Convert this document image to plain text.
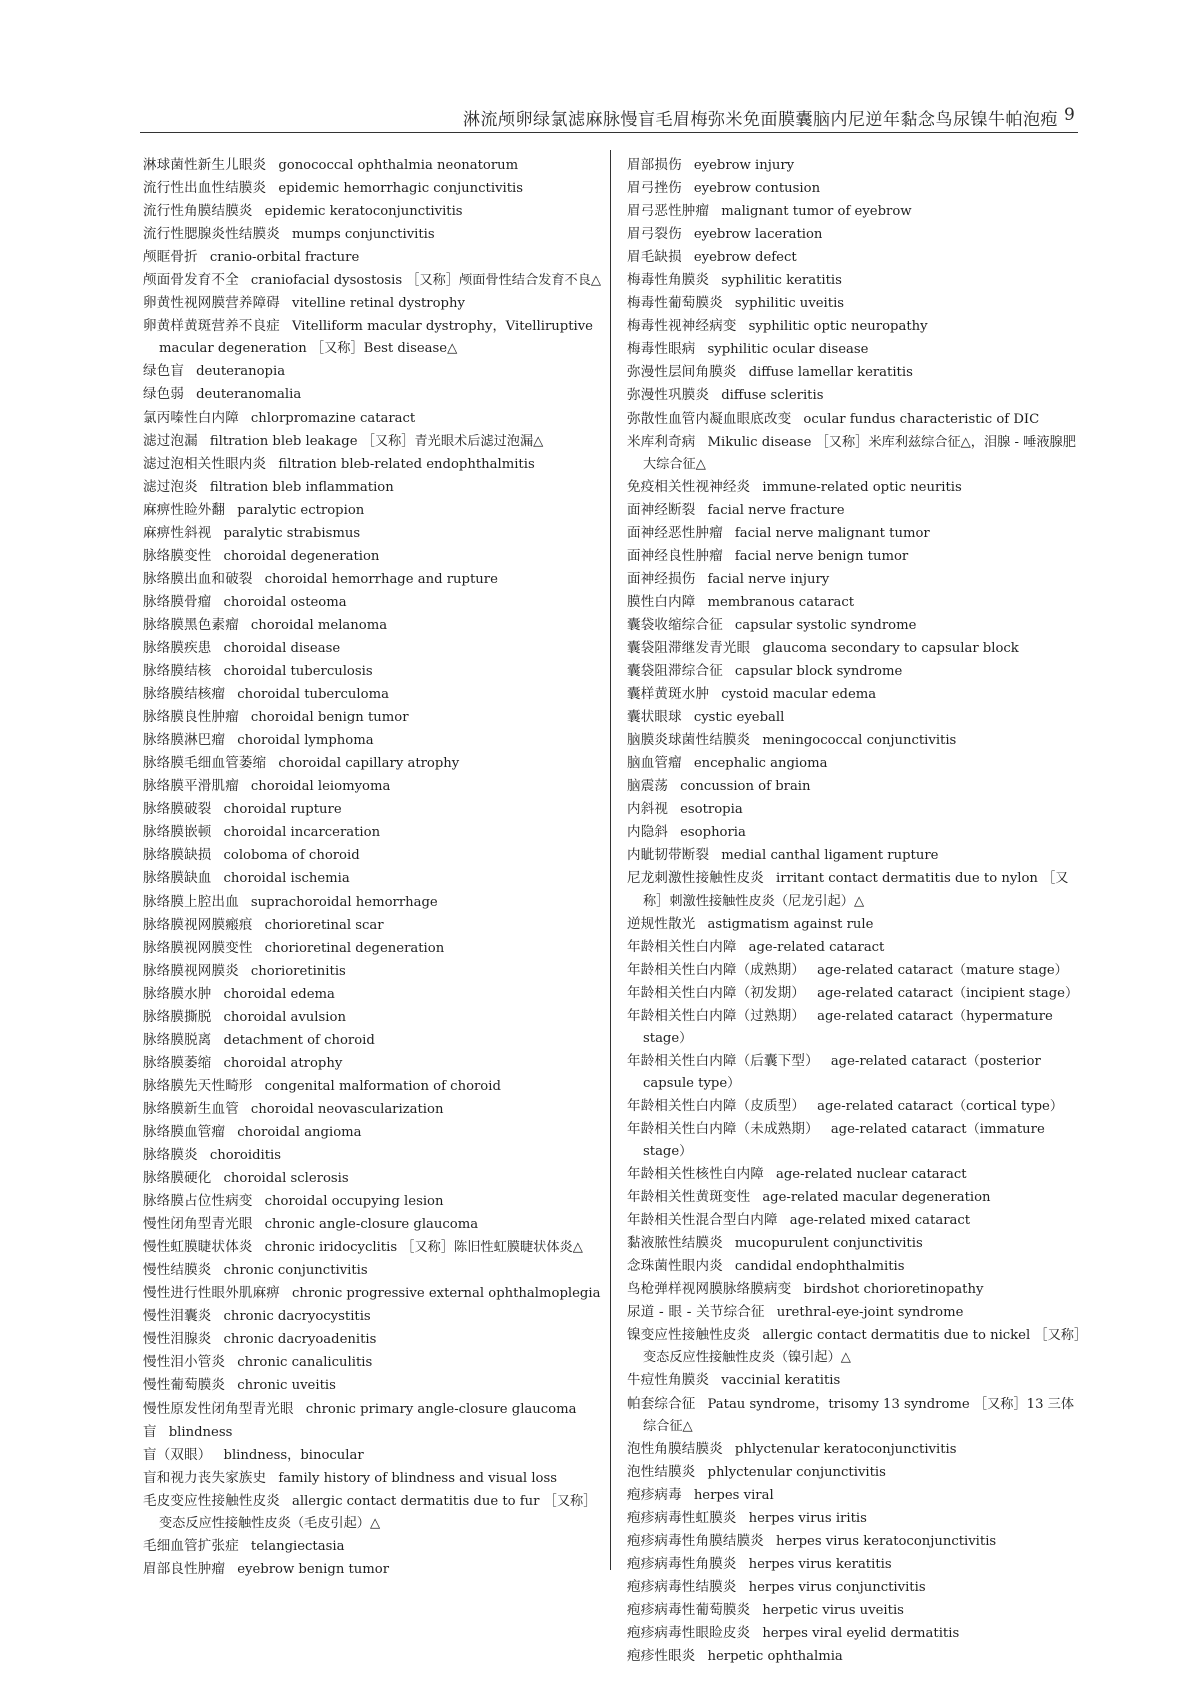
淋流颅卵绿氯滤麻脉慢盲毛眉梅弥米免面膜囊脑内尼逆年黏念鸟尿镍牛帕泡疱 9
淋球菌性新生儿眼炎 gonococcal ophthalmia neonatorum
流行性出血性结膜炎 epidemic hemorrhagic conjunctivitis
流行性角膜结膜炎 epidemic keratoconjunctivitis
流行性腮腺炎性结膜炎 mumps conjunctivitis
颅眶骨折 cranio-orbital fracture
颅面骨发育不全 craniofacial dysostosis ［又称］颅面骨性结合发育不良△
卵黄性视网膜营养障碍 vitelline retinal dystrophy
卵黄样黄斑营养不良症 Vitelliform macular dystrophy，Vitelliruptive macular degeneration ［又称］Best disease△
绿色盲 deuteranopia
绿色弱 deuteranomalia
氯丙嗪性白内障 chlorpromazine cataract
滤过泡漏 filtration bleb leakage ［又称］青光眼术后滤过泡漏△
滤过泡相关性眼内炎 filtration bleb-related endophthalmitis
滤过泡炎 filtration bleb inflammation
麻痹性睑外翻 paralytic ectropion
麻痹性斜视 paralytic strabismus
脉络膜变性 choroidal degeneration
脉络膜出血和破裂 choroidal hemorrhage and rupture
脉络膜骨瘤 choroidal osteoma
脉络膜黑色素瘤 choroidal melanoma
脉络膜疾患 choroidal disease
脉络膜结核 choroidal tuberculosis
脉络膜结核瘤 choroidal tuberculoma
脉络膜良性肿瘤 choroidal benign tumor
脉络膜淋巴瘤 choroidal lymphoma
脉络膜毛细血管萎缩 choroidal capillary atrophy
脉络膜平滑肌瘤 choroidal leiomyoma
脉络膜破裂 choroidal rupture
脉络膜嵌顿 choroidal incarceration
脉络膜缺损 coloboma of choroid
脉络膜缺血 choroidal ischemia
脉络膜上腔出血 suprachoroidal hemorrhage
脉络膜视网膜瘢痕 chorioretinal scar
脉络膜视网膜变性 chorioretinal degeneration
脉络膜视网膜炎 chorioretinitis
脉络膜水肿 choroidal edema
脉络膜撕脱 choroidal avulsion
脉络膜脱离 detachment of choroid
脉络膜萎缩 choroidal atrophy
脉络膜先天性畸形 congenital malformation of choroid
脉络膜新生血管 choroidal neovascularization
脉络膜血管瘤 choroidal angioma
脉络膜炎 choroiditis
脉络膜硬化 choroidal sclerosis
脉络膜占位性病变 choroidal occupying lesion
慢性闭角型青光眼 chronic angle-closure glaucoma
慢性虹膜睫状体炎 chronic iridocyclitis ［又称］陈旧性虹膜睫状体炎△
慢性结膜炎 chronic conjunctivitis
慢性进行性眼外肌麻痹 chronic progressive external ophthalmoplegia
慢性泪囊炎 chronic dacryocystitis
慢性泪腺炎 chronic dacryoadenitis
慢性泪小管炎 chronic canaliculitis
慢性葡萄膜炎 chronic uveitis
慢性原发性闭角型青光眼 chronic primary angle-closure glaucoma
盲 blindness
盲（双眼） blindness，binocular
盲和视力丧失家族史 family history of blindness and visual loss
毛皮变应性接触性皮炎 allergic contact dermatitis due to fur ［又称］变态反应性接触性皮炎（毛皮引起）△
毛细血管扩张症 telangiectasia
眉部良性肿瘤 eyebrow benign tumor
眉部损伤 eyebrow injury
眉弓挫伤 eyebrow contusion
眉弓恶性肿瘤 malignant tumor of eyebrow
眉弓裂伤 eyebrow laceration
眉毛缺损 eyebrow defect
梅毒性角膜炎 syphilitic keratitis
梅毒性葡萄膜炎 syphilitic uveitis
梅毒性视神经病变 syphilitic optic neuropathy
梅毒性眼病 syphilitic ocular disease
弥漫性层间角膜炎 diffuse lamellar keratitis
弥漫性巩膜炎 diffuse scleritis
弥散性血管内凝血眼底改变 ocular fundus characteristic of DIC
米库利奇病 Mikulic disease ［又称］米库利兹综合征△，泪腺 - 唾液腺肥大综合征△
免疫相关性视神经炎 immune-related optic neuritis
面神经断裂 facial nerve fracture
面神经恶性肿瘤 facial nerve malignant tumor
面神经良性肿瘤 facial nerve benign tumor
面神经损伤 facial nerve injury
膜性白内障 membranous cataract
囊袋收缩综合征 capsular systolic syndrome
囊袋阻滞继发青光眼 glaucoma secondary to capsular block
囊袋阻滞综合征 capsular block syndrome
囊样黄斑水肿 cystoid macular edema
囊状眼球 cystic eyeball
脑膜炎球菌性结膜炎 meningococcal conjunctivitis
脑血管瘤 encephalic angioma
脑震荡 concussion of brain
内斜视 esotropia
内隐斜 esophoria
内眦韧带断裂 medial canthal ligament rupture
尼龙刺激性接触性皮炎 irritant contact dermatitis due to nylon ［又称］刺激性接触性皮炎（尼龙引起）△
逆规性散光 astigmatism against rule
年龄相关性白内障 age-related cataract
年龄相关性白内障（成熟期） age-related cataract（mature stage）
年龄相关性白内障（初发期） age-related cataract（incipient stage）
年龄相关性白内障（过熟期） age-related cataract（hypermature stage）
年龄相关性白内障（后囊下型） age-related cataract（posterior capsule type）
年龄相关性白内障（皮质型） age-related cataract（cortical type）
年龄相关性白内障（未成熟期） age-related cataract（immature stage）
年龄相关性核性白内障 age-related nuclear cataract
年龄相关性黄斑变性 age-related macular degeneration
年龄相关性混合型白内障 age-related mixed cataract
黏液脓性结膜炎 mucopurulent conjunctivitis
念珠菌性眼内炎 candidal endophthalmitis
鸟枪弹样视网膜脉络膜病变 birdshot chorioretinopathy
尿道 - 眼 - 关节综合征 urethral-eye-joint syndrome
镍变应性接触性皮炎 allergic contact dermatitis due to nickel ［又称］变态反应性接触性皮炎（镍引起）△
牛痘性角膜炎 vaccinial keratitis
帕套综合征 Patau syndrome，trisomy 13 syndrome ［又称］13 三体综合征△
泡性角膜结膜炎 phlyctenular keratoconjunctivitis
泡性结膜炎 phlyctenular conjunctivitis
疱疹病毒 herpes viral
疱疹病毒性虹膜炎 herpes virus iritis
疱疹病毒性角膜结膜炎 herpes virus keratoconjunctivitis
疱疹病毒性角膜炎 herpes virus keratitis
疱疹病毒性结膜炎 herpes virus conjunctivitis
疱疹病毒性葡萄膜炎 herpetic virus uveitis
疱疹病毒性眼睑皮炎 herpes viral eyelid dermatitis
疱疹性眼炎 herpetic ophthalmia
